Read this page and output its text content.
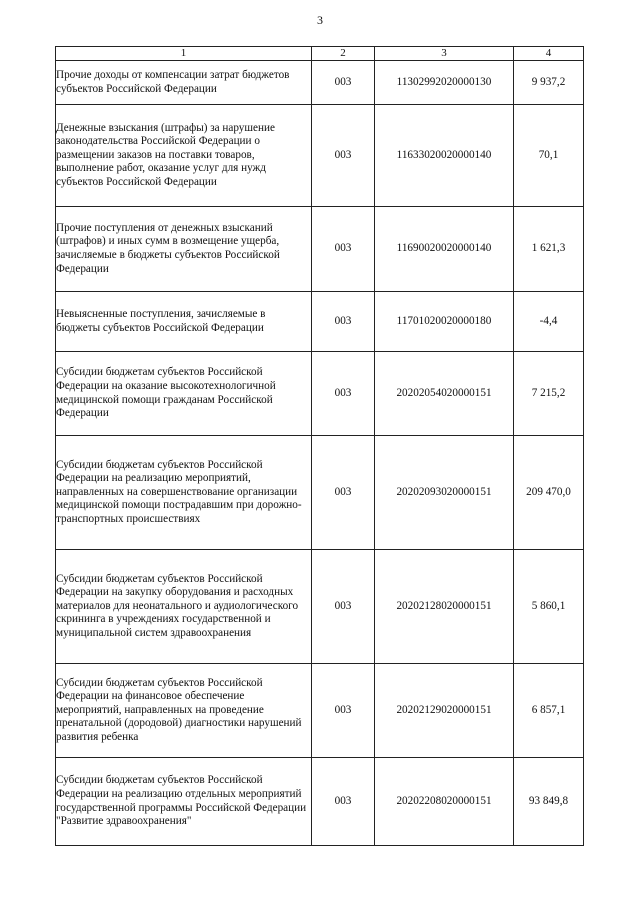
3
1	2	3	4
Прочие доходы от компенсации затрат бюджетов субъектов Российской Федерации	003	11302992020000130	9 937,2
Денежные взыскания (штрафы) за нарушение законодательства Российской Федерации о размещении заказов на поставки товаров, выполнение работ, оказание услуг для нужд субъектов Российской Федерации	003	11633020020000140	70,1
Прочие поступления от денежных взысканий (штрафов) и иных сумм в возмещение ущерба, зачисляемые в бюджеты субъектов Российской Федерации	003	11690020020000140	1 621,3
Невыясненные поступления, зачисляемые в бюджеты субъектов Российской Федерации	003	11701020020000180	-4,4
Субсидии бюджетам субъектов Российской Федерации на оказание высокотехнологичной медицинской помощи гражданам Российской Федерации	003	20202054020000151	7 215,2
Субсидии бюджетам субъектов Российской Федерации на реализацию мероприятий, направленных на совершенствование организации медицинской помощи пострадавшим при дорожно-транспортных происшествиях	003	20202093020000151	209 470,0
Субсидии бюджетам субъектов Российской Федерации на закупку оборудования и расходных материалов для неонатального и аудиологического скрининга в учреждениях государственной и муниципальной систем здравоохранения	003	20202128020000151	5 860,1
Субсидии бюджетам субъектов Российской Федерации на финансовое обеспечение мероприятий, направленных на проведение пренатальной (дородовой) диагностики нарушений развития ребенка	003	20202129020000151	6 857,1
Субсидии бюджетам субъектов Российской Федерации на реализацию отдельных мероприятий государственной программы Российской Федерации "Развитие здравоохранения"	003	20202208020000151	93 849,8
